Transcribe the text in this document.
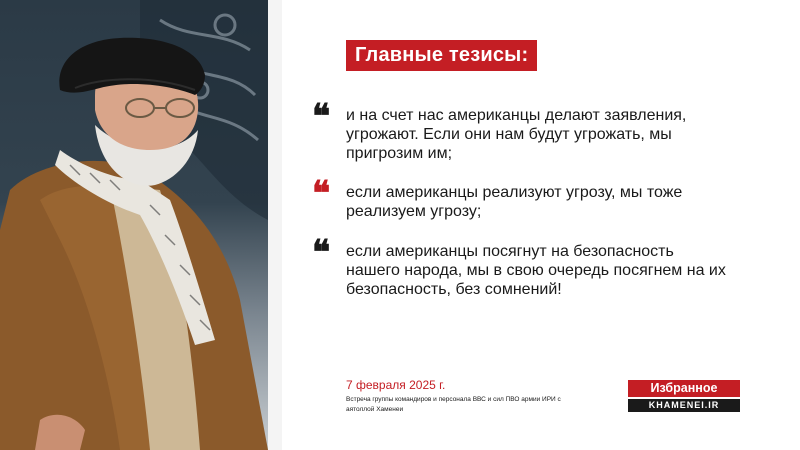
Главные тезисы:
❝ и на счет нас американцы делают заявления, угрожают. Если они нам будут угрожать, мы пригрозим им;
❝ если американцы реализуют угрозу, мы тоже реализуем угрозу;
❝ если американцы посягнут на безопасность нашего народа, мы в свою очередь посягнем на их безопасность, без сомнений!
7 февраля 2025 г.
Встреча группы командиров и персонала ВВС и сил ПВО армии ИРИ с аятоллой Хаменеи
Избранное
KHAMENEI.IR
